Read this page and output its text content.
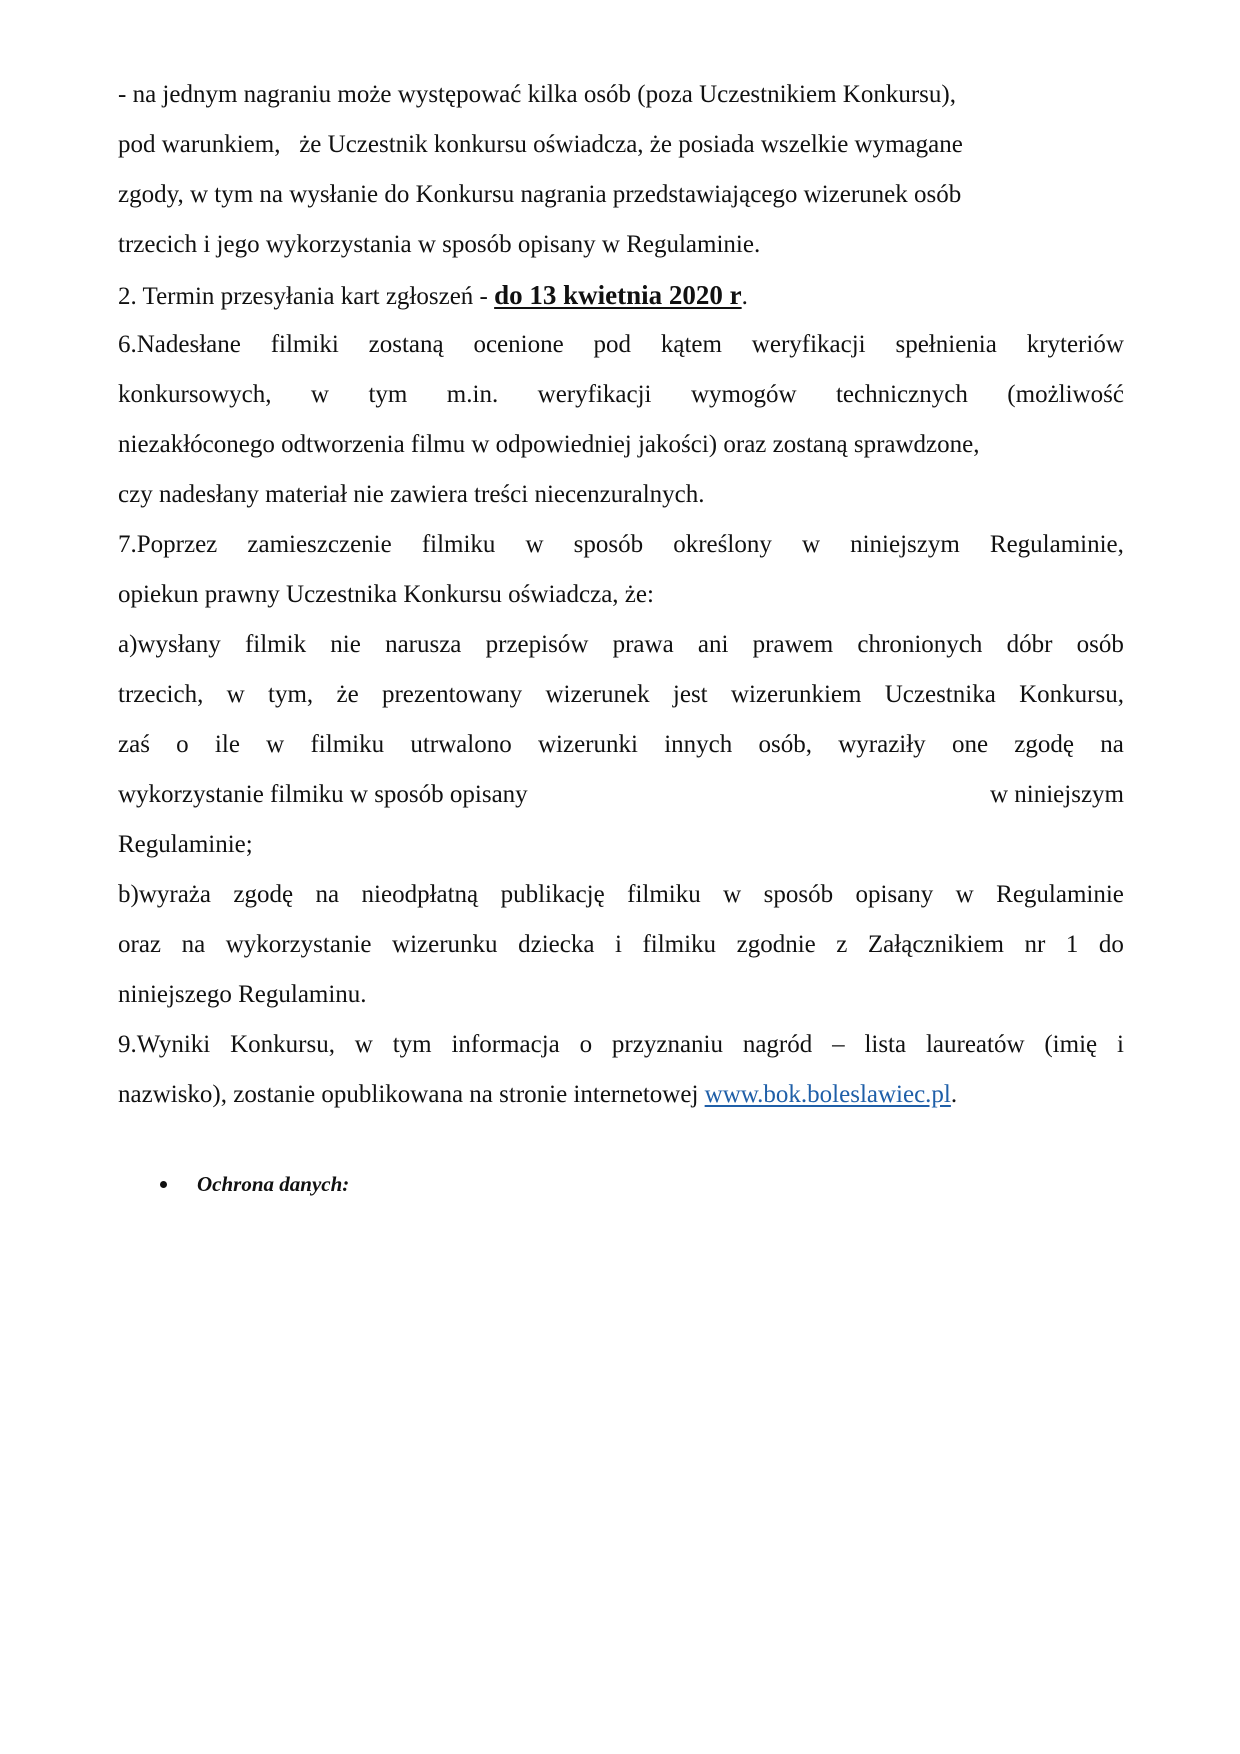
- na jednym nagraniu może występować kilka osób (poza Uczestnikiem Konkursu),
pod warunkiem,   że Uczestnik konkursu oświadcza, że posiada wszelkie wymagane
zgody, w tym na wysłanie do Konkursu nagrania przedstawiającego wizerunek osób
trzecich i jego wykorzystania w sposób opisany w Regulaminie.
2. Termin przesyłania kart zgłoszeń - do 13 kwietnia 2020 r.
6.Nadesłane filmiki zostaną ocenione pod kątem weryfikacji spełnienia kryteriów
konkursowych, w tym m.in. weryfikacji wymogów technicznych (możliwość
niezakłóconego odtworzenia filmu w odpowiedniej jakości) oraz zostaną sprawdzone,
czy nadesłany materiał nie zawiera treści niecenzuralnych.
7.Poprzez zamieszczenie filmiku w sposób określony w niniejszym Regulaminie,
opiekun prawny Uczestnika Konkursu oświadcza, że:
a)wysłany filmik nie narusza przepisów prawa ani prawem chronionych dóbr osób
trzecich, w tym, że prezentowany wizerunek jest wizerunkiem Uczestnika Konkursu,
zaś o ile w filmiku utrwalono wizerunki innych osób, wyraziły one zgodę na
wykorzystanie filmiku w sposób opisany	w niniejszym
Regulaminie;
b)wyraża zgodę na nieodpłatną publikację filmiku w sposób opisany w Regulaminie
oraz na wykorzystanie wizerunku dziecka i filmiku zgodnie z Załącznikiem nr 1 do
niniejszego Regulaminu.
9.Wyniki Konkursu, w tym informacja o przyznaniu nagród – lista laureatów (imię i
nazwisko), zostanie opublikowana na stronie internetowej www.bok.boleslawiec.pl.
Ochrona danych:
